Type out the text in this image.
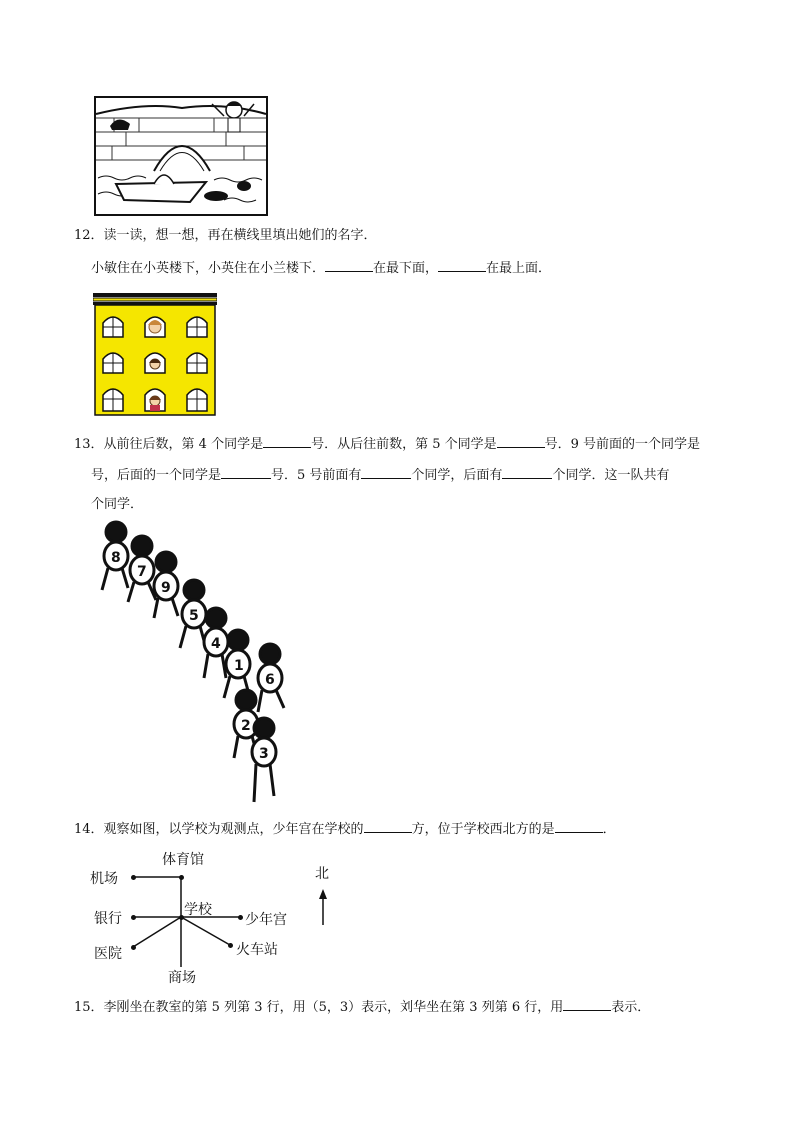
12．读一读，想一想，再在横线里填出她们的名字．
小敏住在小英楼下，小英住在小兰楼下．	在最下面，	在最上面．
13．从前往后数，第 4 个同学是	号．从后往前数，第 5 个同学是	号．9 号前面的一个同学是
号，后面的一个同学是	号．5 号前面有	个同学，后面有	个同学．这一队共有
个同学．
8
7
9
5
4
1
6
2
3
14．观察如图，以学校为观测点，少年宫在学校的	方，位于学校西北方的是	．
体育馆
机场
银行
学校
少年宫
医院	火车站
商场
北
15．李刚坐在教室的第 5 列第 3 行，用（5，3）表示，刘华坐在第 3 列第 6 行，用	表示．
